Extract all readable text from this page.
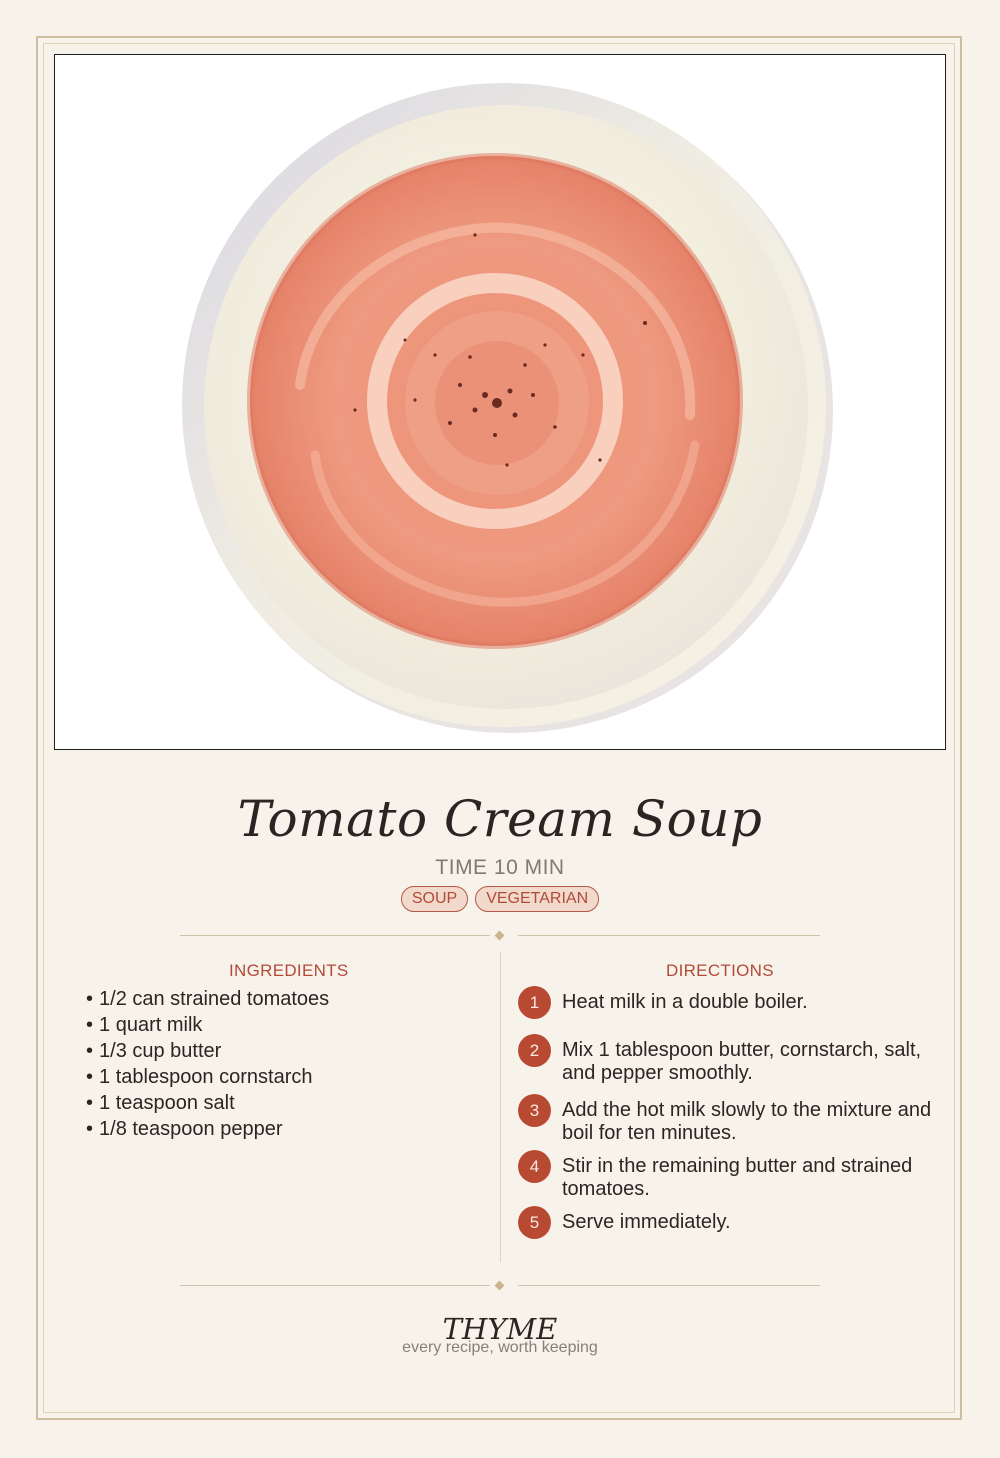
Tomato Cream Soup
TIME 10 MIN
SOUP	VEGETARIAN
INGREDIENTS
• 1/2 can strained tomatoes
• 1 quart milk
• 1/3 cup butter
• 1 tablespoon cornstarch
• 1 teaspoon salt
• 1/8 teaspoon pepper
DIRECTIONS
1	Heat milk in a double boiler.
2	Mix 1 tablespoon butter, cornstarch, salt, and pepper smoothly.
3	Add the hot milk slowly to the mixture and boil for ten minutes.
4	Stir in the remaining butter and strained tomatoes.
5	Serve immediately.
THYME
every recipe, worth keeping
